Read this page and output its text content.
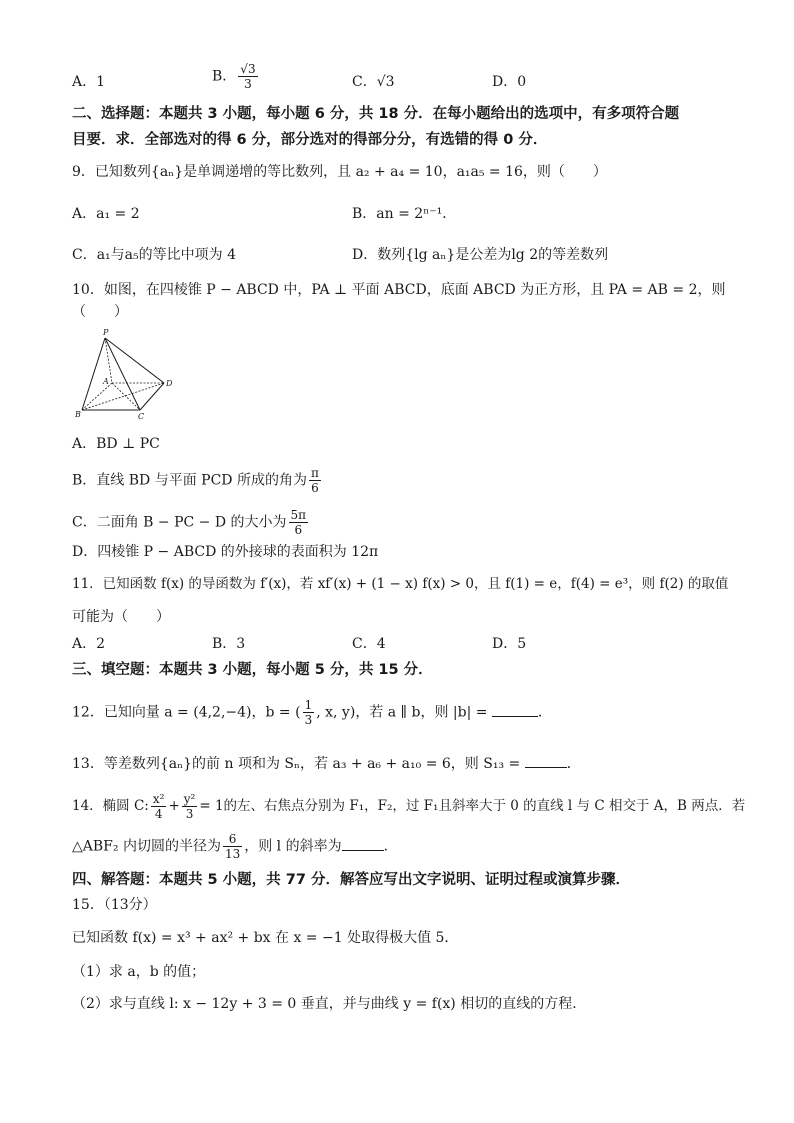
A．1	B． $\frac{√3}{3}$	C．√3	D．0
二、选择题：本题共 3 小题，每小题 6 分，共 18 分．在每小题给出的选项中，有多项符合题
目要．求．全部选对的得 6 分，部分选对的得部分分，有选错的得 0 分．
9．已知数列{aₙ}是单调递增的等比数列，且 a₂ + a₄ = 10，a₁a₅ = 16，则（　　）
A．a₁ = 2	B．an = 2ⁿ⁻¹．
C．a₁与a₅的等比中项为 4	D．数列{lg aₙ}是公差为lg 2的等差数列
10．如图，在四棱锥 P − ABCD 中，PA ⊥ 平面 ABCD，底面 ABCD 为正方形，且 PA = AB = 2，则
（　　）
P
A
B	C
D
A．BD ⊥ PC
B．直线 BD 与平面 PCD 所成的角为 $\frac{\pi}{6}$
C．二面角 B − PC − D 的大小为 $\frac{5\pi}{6}$
D．四棱锥 P − ABCD 的外接球的表面积为 12π
11．已知函数 f(x) 的导函数为 f′(x)，若 xf′(x) + (1 − x) f(x) > 0，且 f(1) = e，f(4) = e³，则 f(2) 的取值
可能为（　　）
A．2	B．3	C．4	D．5
三、填空题：本题共 3 小题，每小题 5 分，共 15 分．
12．已知向量 a = (4,2,−4)，b = ( $\frac{1}{3}$ , x, y)，若 a ∥ b，则 |b| =	．
13．等差数列{aₙ}的前 n 项和为 Sₙ，若 a₃ + a₆ + a₁₀ = 6，则 S₁₃ =	．
14．椭圆 C: $\frac{\text{x²}}{4} + \frac{\text{y²}}{3} = 1$的左、右焦点分别为 F₁，F₂，过 F₁且斜率大于 0 的直线 l 与 C 相交于 A，B 两点．若
△ABF₂ 内切圆的半径为 $\frac{6}{13}$ ，则 l 的斜率为	．
四、解答题：本题共 5 小题，共 77 分．解答应写出文字说明、证明过程或演算步骤．
15．（13分）
已知函数 f(x) = x³ + ax² + bx 在 x = −1 处取得极大值 5．
（1）求 a，b 的值；
（2）求与直线 l: x − 12y + 3 = 0 垂直，并与曲线 y = f(x) 相切的直线的方程．
